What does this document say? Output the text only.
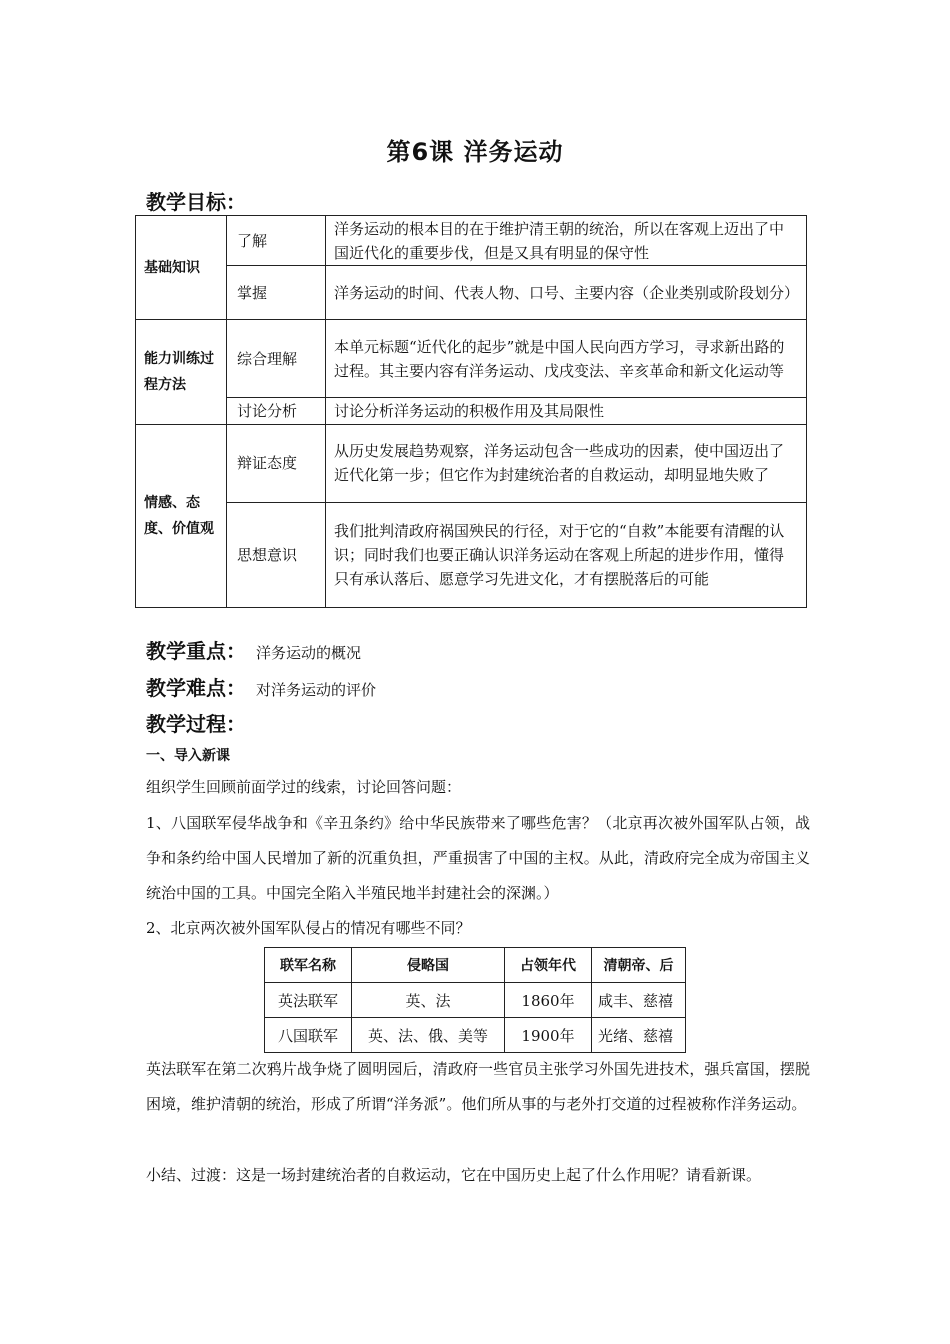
第6课 洋务运动
教学目标：
基础知识	了解	洋务运动的根本目的在于维护清王朝的统治，所以在客观上迈出了中国近代化的重要步伐，但是又具有明显的保守性
	掌握	洋务运动的时间、代表人物、口号、主要内容（企业类别或阶段划分）
能力训练过程方法	综合理解	本单元标题“近代化的起步”就是中国人民向西方学习，寻求新出路的过程。其主要内容有洋务运动、戊戌变法、辛亥革命和新文化运动等
	讨论分析	讨论分析洋务运动的积极作用及其局限性
情感、态度、价值观	辩证态度	从历史发展趋势观察，洋务运动包含一些成功的因素，使中国迈出了近代化第一步；但它作为封建统治者的自救运动，却明显地失败了
	思想意识	我们批判清政府祸国殃民的行径，对于它的“自救”本能要有清醒的认识；同时我们也要正确认识洋务运动在客观上所起的进步作用，懂得只有承认落后、愿意学习先进文化，才有摆脱落后的可能
教学重点： 洋务运动的概况
教学难点： 对洋务运动的评价
教学过程：
一、导入新课
组织学生回顾前面学过的线索，讨论回答问题：
1、八国联军侵华战争和《辛丑条约》给中华民族带来了哪些危害？（北京再次被外国军队占领，战争和条约给中国人民增加了新的沉重负担，严重损害了中国的主权。从此，清政府完全成为帝国主义统治中国的工具。中国完全陷入半殖民地半封建社会的深渊。）
2、北京两次被外国军队侵占的情况有哪些不同？
联军名称	侵略国	占领年代	清朝帝、后
英法联军	英、法	1860年	咸丰、慈禧
八国联军	英、法、俄、美等	1900年	光绪、慈禧
英法联军在第二次鸦片战争烧了圆明园后，清政府一些官员主张学习外国先进技术，强兵富国，摆脱困境，维护清朝的统治，形成了所谓“洋务派”。他们所从事的与老外打交道的过程被称作洋务运动。
小结、过渡：这是一场封建统治者的自救运动，它在中国历史上起了什么作用呢？请看新课。
